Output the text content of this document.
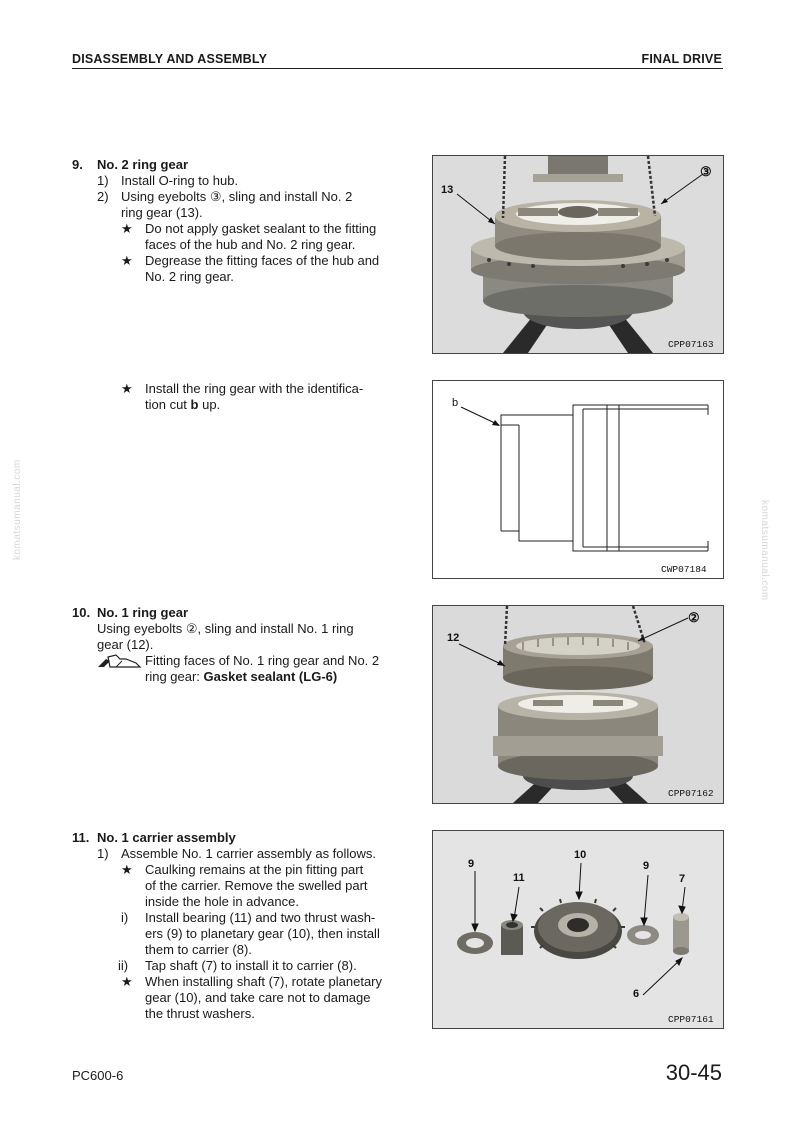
DISASSEMBLY AND ASSEMBLY	FINAL DRIVE
komatsumanual.com	komatsumanual.com
9. No. 2 ring gear
1) Install O-ring to hub.
2) Using eyebolts ③, sling and install No. 2
ring gear (13).
★ Do not apply gasket sealant to the fitting
faces of the hub and No. 2 ring gear.
★ Degrease the fitting faces of the hub and
No. 2 ring gear.
★ Install the ring gear with the identifica-
tion cut b up.
13
③
CPP07163
b
CWP07184
10. No. 1 ring gear
Using eyebolts ②, sling and install No. 1 ring
gear (12).
Fitting faces of No. 1 ring gear and No. 2
ring gear: Gasket sealant (LG-6)
12
②
CPP07162
11. No. 1 carrier assembly
1) Assemble No. 1 carrier assembly as follows.
★ Caulking remains at the pin fitting part
of the carrier. Remove the swelled part
inside the hole in advance.
i) Install bearing (11) and two thrust wash-
ers (9) to planetary gear (10), then install
them to carrier (8).
ii) Tap shaft (7) to install it to carrier (8).
★ When installing shaft (7), rotate planetary
gear (10), and take care not to damage
the thrust washers.
9
11
10
9
7
6
CPP07161
PC600-6	30-45
